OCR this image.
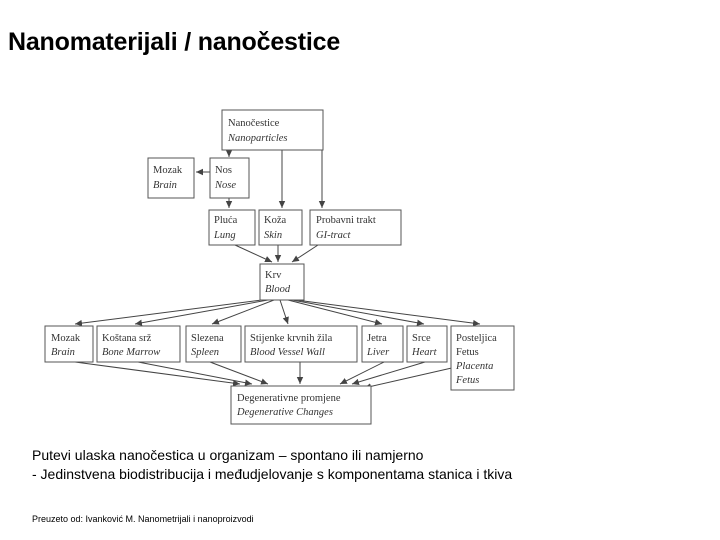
Nanomaterijali / nanočestice
Nanočestice
Nanoparticles
Nos
Nose
Mozak
Brain
Pluća
Lung
Koža
Skin
Probavni trakt
GI-tract
Krv
Blood
Mozak
Brain
Koštana srž
Bone Marrow
Slezena
Spleen
Stijenke krvnih žila
Blood Vessel Wall
Jetra
Liver
Srce
Heart
Posteljica
Fetus
Placenta
Fetus
Degenerativne promjene
Degenerative Changes
Putevi ulaska nanočestica u organizam – spontano ili namjerno
- Jedinstvena biodistribucija i međudjelovanje s komponentama stanica i tkiva
Preuzeto od: Ivanković M. Nanometrijali i nanoproizvodi
